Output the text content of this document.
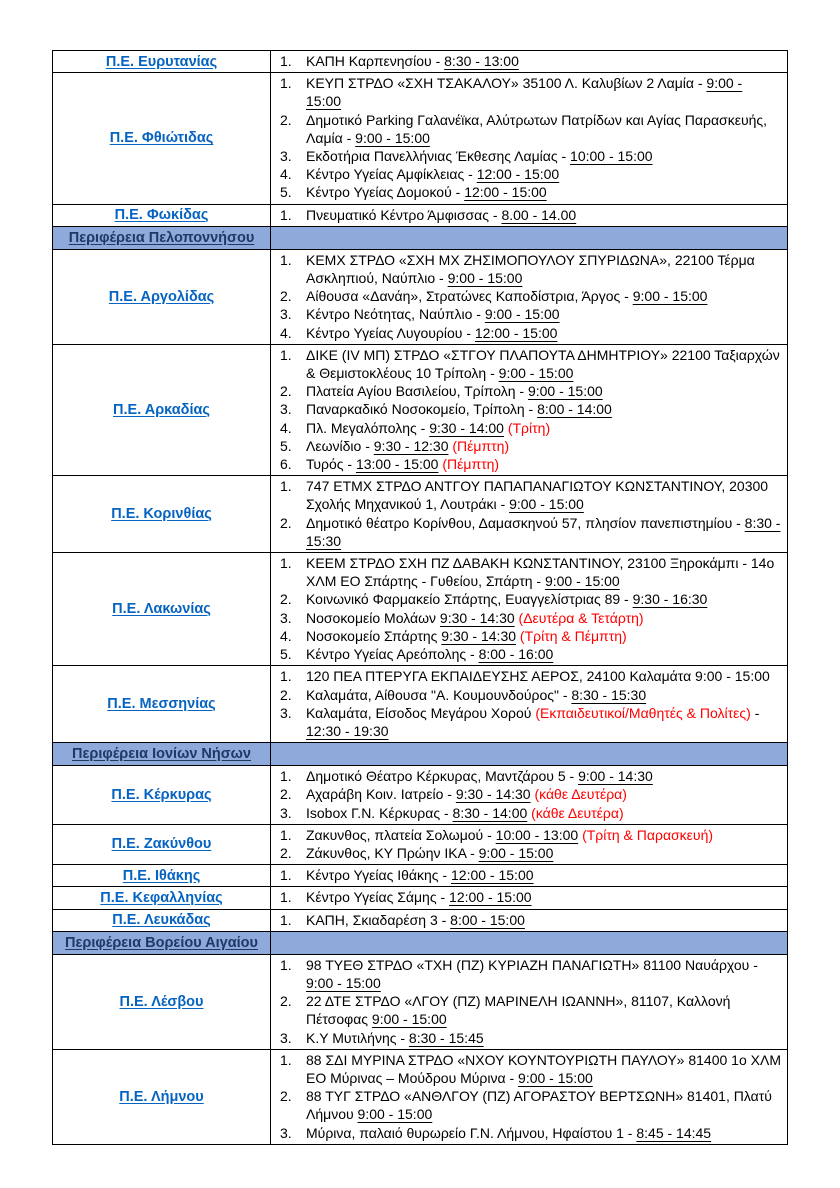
Π.Ε. Ευρυτανίας	1. ΚΑΠΗ Καρπενησίου - 8:30 - 13:00

Π.Ε. Φθιώτιδας	
1.	ΚΕΥΠ ΣΤΡΔΟ «ΣΧΗ ΤΣΑΚΑΛΟΥ» 35100 Λ. Καλυβίων 2 Λαμία - 9:00 - 15:00
2.	Δημοτικό Parking Γαλανέϊκα, Αλύτρωτων Πατρίδων και Αγίας Παρασκευής, Λαμία - 9:00 - 15:00
3.	Εκδοτήρια Πανελλήνιας Έκθεσης Λαμίας - 10:00 - 15:00
4.	Κέντρο Υγείας Αμφίκλειας - 12:00 - 15:00
5.	Κέντρο Υγείας Δομοκού - 12:00 - 15:00

Π.Ε. Φωκίδας	1. Πνευματικό Κέντρο Άμφισσας - 8.00 - 14.00

Περιφέρεια Πελοποννήσου	
Π.Ε. Αργολίδας	
1.	ΚΕΜΧ ΣΤΡΔΟ «ΣΧΗ ΜΧ ΖΗΣΙΜΟΠΟΥΛΟΥ ΣΠΥΡΙΔΩΝΑ», 22100 Τέρμα Ασκληπιού, Ναύπλιο - 9:00 - 15:00
2.	Αίθουσα «Δανάη», Στρατώνες Καποδίστρια, Άργος - 9:00 - 15:00
3.	Κέντρο Νεότητας, Ναύπλιο - 9:00 - 15:00
4.	Κέντρο Υγείας Λυγουρίου - 12:00 - 15:00

Π.Ε. Αρκαδίας	
1.	ΔΙΚΕ (ΙV ΜΠ) ΣΤΡΔΟ «ΣΤΓΟΥ ΠΛΑΠΟΥΤΑ ΔΗΜΗΤΡΙΟΥ» 22100 Ταξιαρχών & Θεμιστοκλέους 10 Τρίπολη - 9:00 - 15:00
2.	Πλατεία Αγίου Βασιλείου, Τρίπολη - 9:00 - 15:00
3.	Παναρκαδικό Νοσοκομείο, Τρίπολη - 8:00 - 14:00
4.	Πλ. Μεγαλόπολης - 9:30 - 14:00 (Τρίτη)
5.	Λεωνίδιο - 9:30 - 12:30 (Πέμπτη)
6.	Τυρός - 13:00 - 15:00 (Πέμπτη)

Π.Ε. Κορινθίας	1. 747 ΕΤΜΧ ΣΤΡΔΟ ΑΝΤΓΟΥ ΠΑΠΑΠΑΝΑΓΙΩΤΟΥ ΚΩΝΣΤΑΝΤΙΝΟΥ, 20300 Σχολής Μηχανικού 1, Λουτράκι - 9:00 - 15:00
2. Δημοτικό θέατρο Κορίνθου, Δαμασκηνού 57, πλησίον πανεπιστημίου - 8:30 - 15:30

Π.Ε. Λακωνίας	
1.	ΚΕΕΜ ΣΤΡΔΟ ΣΧΗ ΠΖ ΔΑΒΑΚΗ ΚΩΝΣΤΑΝΤΙΝΟΥ, 23100 Ξηροκάμπι - 14ο ΧΛΜ ΕΟ Σπάρτης - Γυθείου, Σπάρτη - 9:00 - 15:00
2.	Κοινωνικό Φαρμακείο Σπάρτης, Ευαγγελίστριας 89 - 9:30 - 16:30
3.	Νοσοκομείο Μολάων 9:30 - 14:30 (Δευτέρα & Τετάρτη)
4.	Νοσοκομείο Σπάρτης 9:30 - 14:30 (Τρίτη & Πέμπτη)
5.	Κέντρο Υγείας Αρεόπολης - 8:00 - 16:00

Π.Ε. Μεσσηνίας	
1.	120 ΠΕΑ ΠΤΕΡΥΓΑ ΕΚΠΑΙΔΕΥΣΗΣ ΑΕΡΟΣ, 24100 Καλαμάτα 9:00 - 15:00
2.	Καλαμάτα, Αίθουσα "Α. Κουμουνδούρος" - 8:30 - 15:30
3.	Καλαμάτα, Είσοδος Μεγάρου Χορού (Εκπαιδευτικοί/Μαθητές & Πολίτες) - 12:30 - 19:30

Περιφέρεια Ιονίων Νήσων	
Π.Ε. Κέρκυρας	
1.	Δημοτικό Θέατρο Κέρκυρας, Μαντζάρου 5 - 9:00 - 14:30
2.	Αχαράβη Κοιν. Ιατρείο - 9:30 - 14:30 (κάθε Δευτέρα)
3.	Isobox Γ.Ν. Κέρκυρας - 8:30 - 14:00 (κάθε Δευτέρα)

Π.Ε. Ζακύνθου	1. Ζακυνθος, πλατεία Σολωμού - 10:00 - 13:00 (Τρίτη & Παρασκευή)
2. Ζάκυνθος, ΚΥ Πρώην ΙΚΑ - 9:00 - 15:00

Π.Ε. Ιθάκης	1. Κέντρο Υγείας Ιθάκης - 12:00 - 15:00

Π.Ε. Κεφαλληνίας	1. Κέντρο Υγείας Σάμης - 12:00 - 15:00

Π.Ε. Λευκάδας	1. ΚΑΠΗ, Σκιαδαρέση 3 - 8:00 - 15:00

Περιφέρεια Βορείου Αιγαίου	
Π.Ε. Λέσβου	
1.	98 ΤΥΕΘ ΣΤΡΔΟ «ΤΧΗ (ΠΖ) ΚΥΡΙΑΖΗ ΠΑΝΑΓΙΩΤΗ» 81100 Ναυάρχου - 9:00 - 15:00
2.	22 ΔΤΕ ΣΤΡΔΟ «ΛΓΟΥ (ΠΖ) ΜΑΡΙΝΕΛΗ ΙΩΑΝΝΗ», 81107, Καλλονή Πέτσοφας 9:00 - 15:00
3.	Κ.Υ Μυτιλήνης - 8:30 - 15:45

Π.Ε. Λήμνου	
1.	88 ΣΔΙ ΜΥΡΙΝΑ ΣΤΡΔΟ «ΝΧΟΥ ΚΟΥΝΤΟΥΡΙΩΤΗ ΠΑΥΛΟΥ» 81400 1ο ΧΛΜ ΕΟ Μύρινας – Μούδρου Μύρινα - 9:00 - 15:00
2.	88 ΤΥΓ ΣΤΡΔΟ «ΑΝΘΛΓΟΥ (ΠΖ) ΑΓΟΡΑΣΤΟΥ ΒΕΡΤΣΩΝΗ» 81401, Πλατύ Λήμνου 9:00 - 15:00
3.	Μύρινα, παλαιό θυρωρείο Γ.Ν. Λήμνου, Ηφαίστου 1 - 8:45 - 14:45
